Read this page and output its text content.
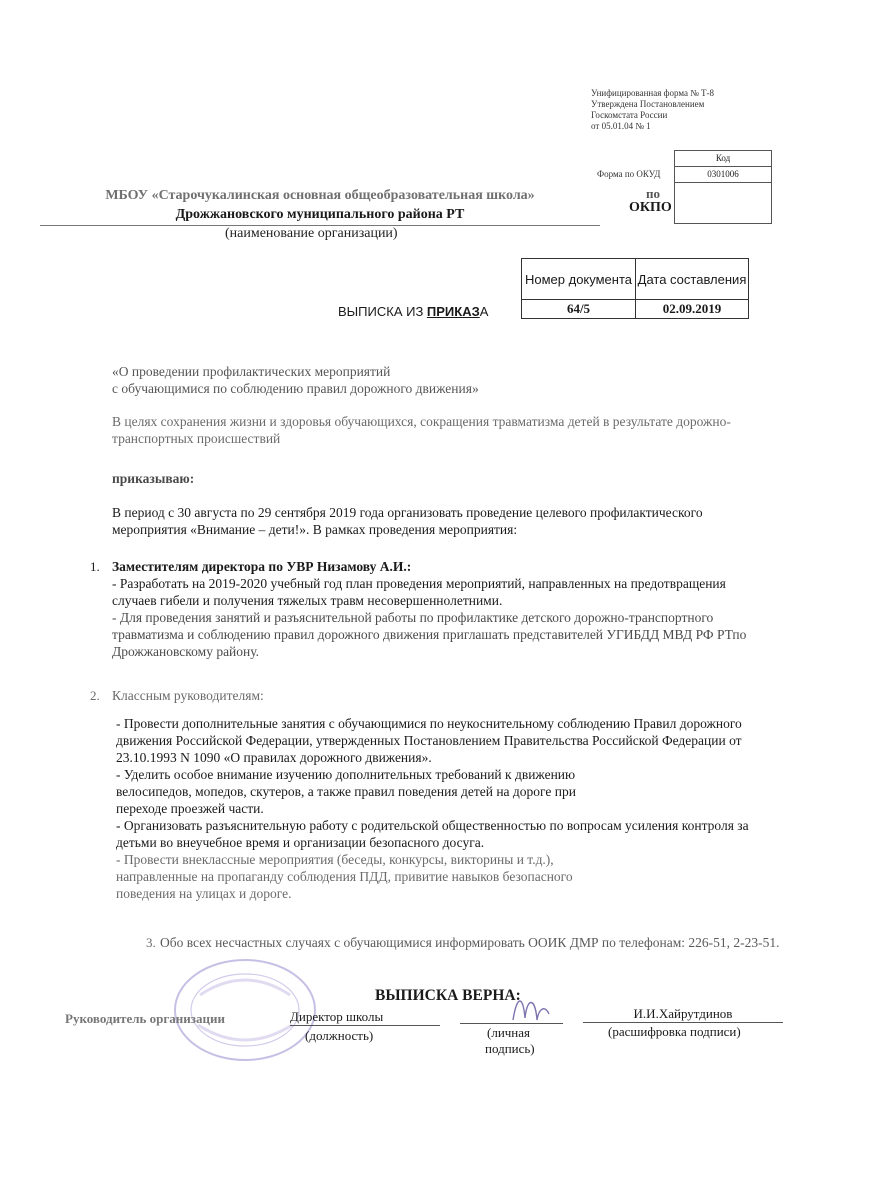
Унифицированная форма № Т-8
Утверждена Постановлением
Госкомстата России
от 05.01.04 № 1
Форма по ОКУД
Код
0301006
МБОУ «Старочукалинская основная общеобразовательная школа»
Дрожжановского муниципального района РТ
по
ОКПО
(наименование организации)
Номер документа	Дата составления
64/5	02.09.2019
ВЫПИСКА ИЗ ПРИКАЗА
«О проведении профилактических мероприятий
с обучающимися по соблюдению правил дорожного движения»
В целях сохранения жизни и здоровья обучающихся, сокращения травматизма детей в результате дорожно-транспортных происшествий
приказываю:
В период с 30 августа по 29 сентября 2019 года организовать проведение целевого профилактического мероприятия «Внимание – дети!». В рамках проведения мероприятия:
1. Заместителям директора по УВР Низамову А.И.:
- Разработать на 2019-2020 учебный год план проведения мероприятий, направленных на предотвращения случаев гибели и получения тяжелых травм несовершеннолетними.
- Для проведения занятий и разъяснительной работы по профилактике детского дорожно-транспортного травматизма и соблюдению правил дорожного движения приглашать представителей УГИБДД МВД РФ РТпо Дрожжановскому району.
2. Классным руководителям:
- Провести дополнительные занятия с обучающимися по неукоснительному соблюдению Правил дорожного движения Российской Федерации, утвержденных Постановлением Правительства Российской Федерации от 23.10.1993 N 1090 «О правилах дорожного движения».
- Уделить особое внимание изучению дополнительных требований к движению
велосипедов, мопедов, скутеров, а также правил поведения детей на дороге при
переходе проезжей части.
- Организовать разъяснительную работу с родительской общественностью по вопросам усиления контроля за детьми во внеучебное время и организации безопасного досуга.
- Провести внеклассные мероприятия (беседы, конкурсы, викторины и т.д.),
направленные на пропаганду соблюдения ПДД, привитие навыков безопасного
поведения на улицах и дороге.
3. Обо всех несчастных случаях с обучающимися информировать ООИК ДМР по телефонам: 226-51, 2-23-51.
ВЫПИСКА ВЕРНА:
Руководитель организации	Директор школы
(должность)	(личная
подпись)
И.И.Хайрутдинов
(расшифровка подписи)
